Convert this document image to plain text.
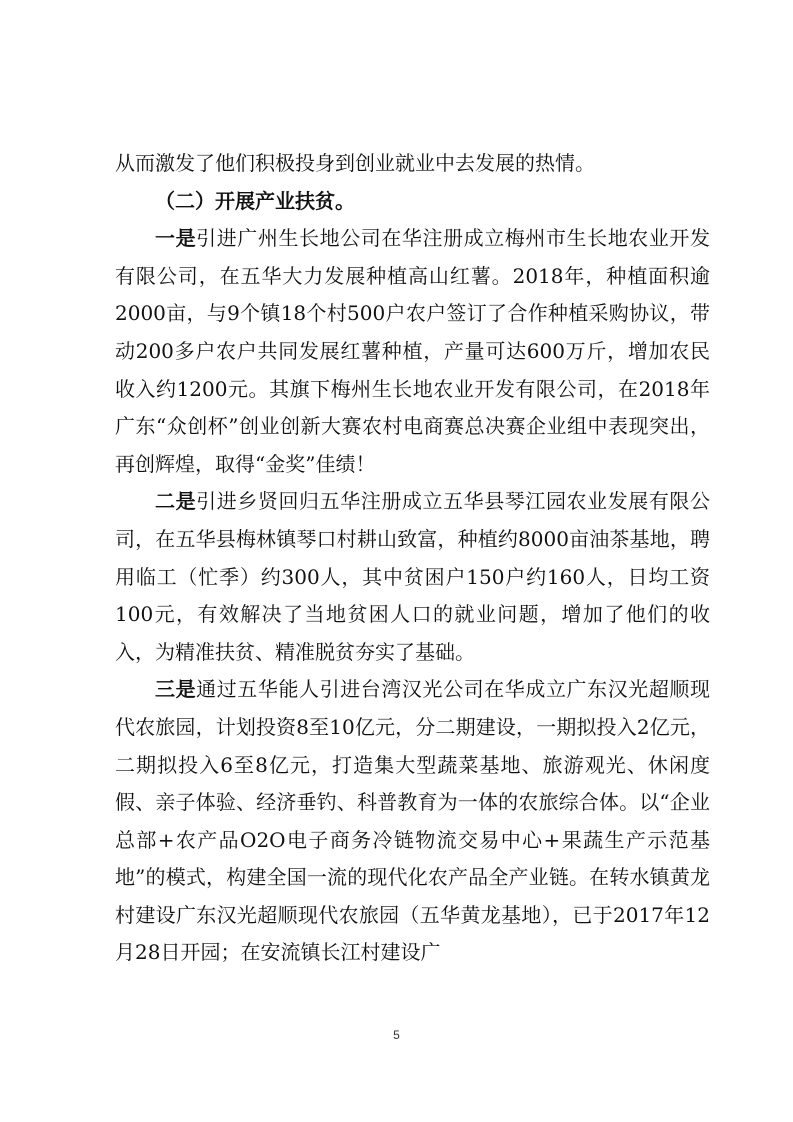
从而激发了他们积极投身到创业就业中去发展的热情。

（二）开展产业扶贫。

一是引进广州生长地公司在华注册成立梅州市生长地农业开发有限公司，在五华大力发展种植高山红薯。2018年，种植面积逾2000亩，与9个镇18个村500户农户签订了合作种植采购协议，带动200多户农户共同发展红薯种植，产量可达600万斤，增加农民收入约1200元。其旗下梅州生长地农业开发有限公司，在2018年广东“众创杯”创业创新大赛农村电商赛总决赛企业组中表现突出，再创辉煌，取得“金奖”佳绩！

二是引进乡贤回归五华注册成立五华县琴江园农业发展有限公司，在五华县梅林镇琴口村耕山致富，种植约8000亩油茶基地，聘用临工（忙季）约300人，其中贫困户150户约160人，日均工资100元，有效解决了当地贫困人口的就业问题，增加了他们的收入，为精准扶贫、精准脱贫夯实了基础。

三是通过五华能人引进台湾汉光公司在华成立广东汉光超顺现代农旅园，计划投资8至10亿元，分二期建设，一期拟投入2亿元，二期拟投入6至8亿元，打造集大型蔬菜基地、旅游观光、休闲度假、亲子体验、经济垂钓、科普教育为一体的农旅综合体。以“企业总部+农产品O2O电子商务冷链物流交易中心+果蔬生产示范基地”的模式，构建全国一流的现代化农产品全产业链。在转水镇黄龙村建设广东汉光超顺现代农旅园（五华黄龙基地），已于2017年12月28日开园；在安流镇长江村建设广

5
